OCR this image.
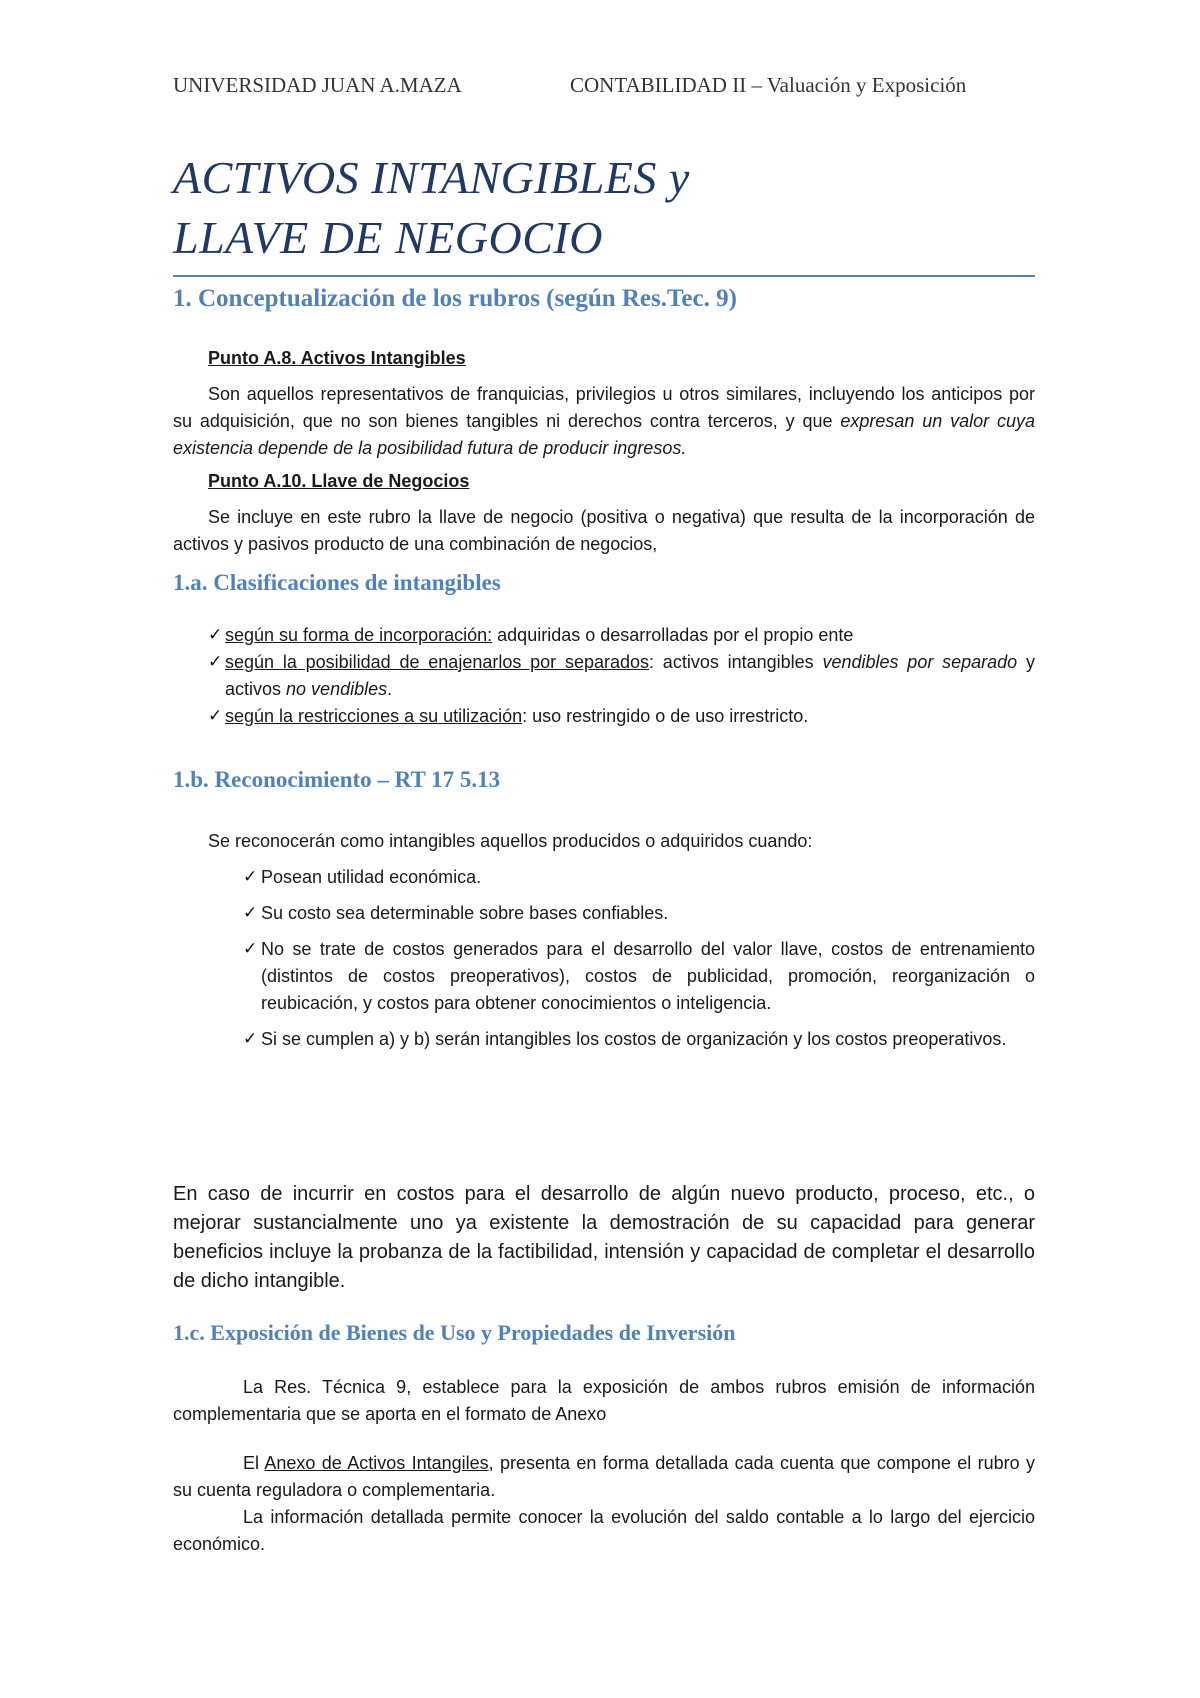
UNIVERSIDAD JUAN A.MAZA	CONTABILIDAD II – Valuación y Exposición
ACTIVOS INTANGIBLES y
LLAVE DE NEGOCIO
1. Conceptualización de los rubros (según Res.Tec. 9)
Punto A.8. Activos Intangibles
Son aquellos representativos de franquicias, privilegios u otros similares, incluyendo los anticipos por su adquisición, que no son bienes tangibles ni derechos contra terceros, y que expresan un valor cuya existencia depende de la posibilidad futura de producir ingresos.
Punto A.10. Llave de Negocios
Se incluye en este rubro la llave de negocio (positiva o negativa) que resulta de la incorporación de activos y pasivos producto de una combinación de negocios,
1.a. Clasificaciones de intangibles
✓ según su forma de incorporación: adquiridas o desarrolladas por el propio ente
✓ según la posibilidad de enajenarlos por separados: activos intangibles vendibles por separado y activos no vendibles.
✓ según la restricciones a su utilización: uso restringido o de uso irrestricto.
1.b. Reconocimiento – RT 17 5.13
Se reconocerán como intangibles aquellos producidos o adquiridos cuando:
✓ Posean utilidad económica.
✓ Su costo sea determinable sobre bases confiables.
✓ No se trate de costos generados para el desarrollo del valor llave, costos de entrenamiento (distintos de costos preoperativos), costos de publicidad, promoción, reorganización o reubicación, y costos para obtener conocimientos o inteligencia.
✓ Si se cumplen a) y b) serán intangibles los costos de organización y los costos preoperativos.
En caso de incurrir en costos para el desarrollo de algún nuevo producto, proceso, etc., o mejorar sustancialmente uno ya existente la demostración de su capacidad para generar beneficios incluye la probanza de la factibilidad, intensión y capacidad de completar el desarrollo de dicho intangible.
1.c. Exposición de Bienes de Uso y Propiedades de Inversión
La Res. Técnica 9, establece para la exposición de ambos rubros emisión de información complementaria que se aporta en el formato de Anexo
El Anexo de Activos Intangiles, presenta en forma detallada cada cuenta que compone el rubro y su cuenta reguladora o complementaria.
La información detallada permite conocer la evolución del saldo contable a lo largo del ejercicio económico.
